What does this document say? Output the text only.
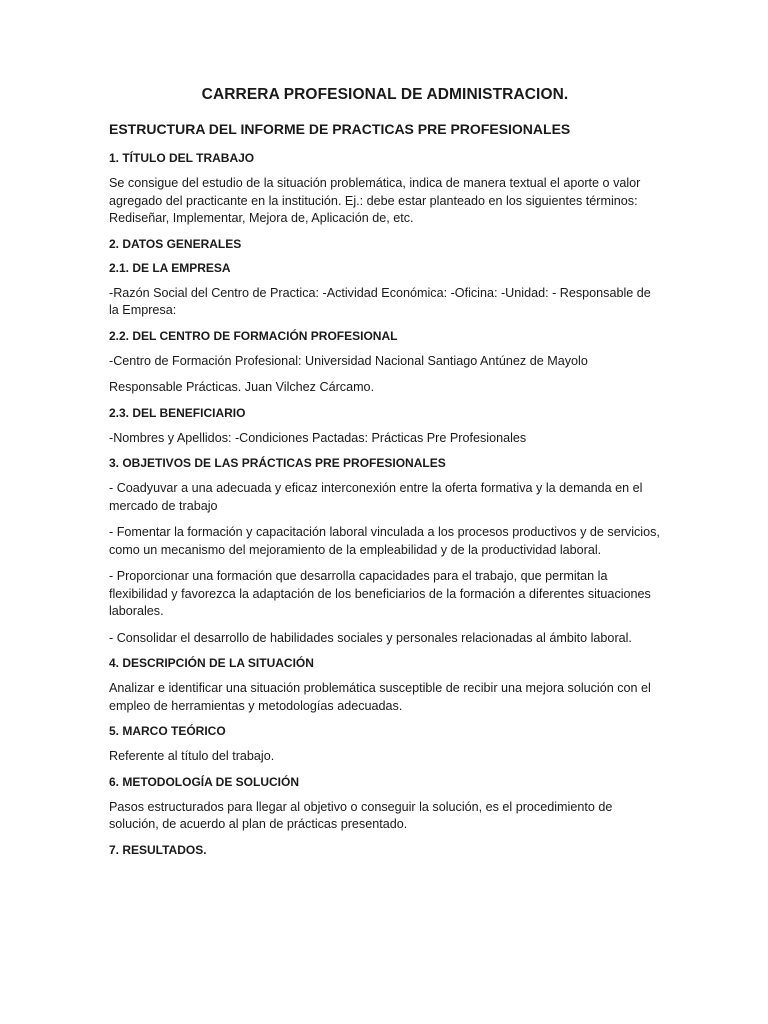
CARRERA PROFESIONAL DE ADMINISTRACION.
ESTRUCTURA DEL INFORME DE PRACTICAS PRE PROFESIONALES
1. TÍTULO DEL TRABAJO
Se consigue del estudio de la situación problemática, indica de manera textual el aporte o valor agregado del practicante en la institución. Ej.: debe estar planteado en los siguientes términos: Rediseñar, Implementar, Mejora de, Aplicación de, etc.
2. DATOS GENERALES
2.1. DE LA EMPRESA
-Razón Social del Centro de Practica: -Actividad Económica: -Oficina: -Unidad: - Responsable de la Empresa:
2.2. DEL CENTRO DE FORMACIÓN PROFESIONAL
-Centro de Formación Profesional: Universidad Nacional Santiago Antúnez de Mayolo
Responsable Prácticas. Juan Vilchez Cárcamo.
2.3. DEL BENEFICIARIO
-Nombres y Apellidos: -Condiciones Pactadas: Prácticas Pre Profesionales
3. OBJETIVOS DE LAS PRÁCTICAS PRE PROFESIONALES
- Coadyuvar a una adecuada y eficaz interconexión entre la oferta formativa y la demanda en el mercado de trabajo
- Fomentar la formación y capacitación laboral vinculada a los procesos productivos y de servicios, como un mecanismo del mejoramiento de la empleabilidad y de la productividad laboral.
- Proporcionar una formación que desarrolla capacidades para el trabajo, que permitan la flexibilidad y favorezca la adaptación de los beneficiarios de la formación a diferentes situaciones laborales.
- Consolidar el desarrollo de habilidades sociales y personales relacionadas al ámbito laboral.
4. DESCRIPCIÓN DE LA SITUACIÓN
Analizar e identificar una situación problemática susceptible de recibir una mejora solución con el empleo de herramientas y metodologías adecuadas.
5. MARCO TEÓRICO
Referente al título del trabajo.
6. METODOLOGÍA DE SOLUCIÓN
Pasos estructurados para llegar al objetivo o conseguir la solución, es el procedimiento de solución, de acuerdo al plan de prácticas presentado.
7. RESULTADOS.
